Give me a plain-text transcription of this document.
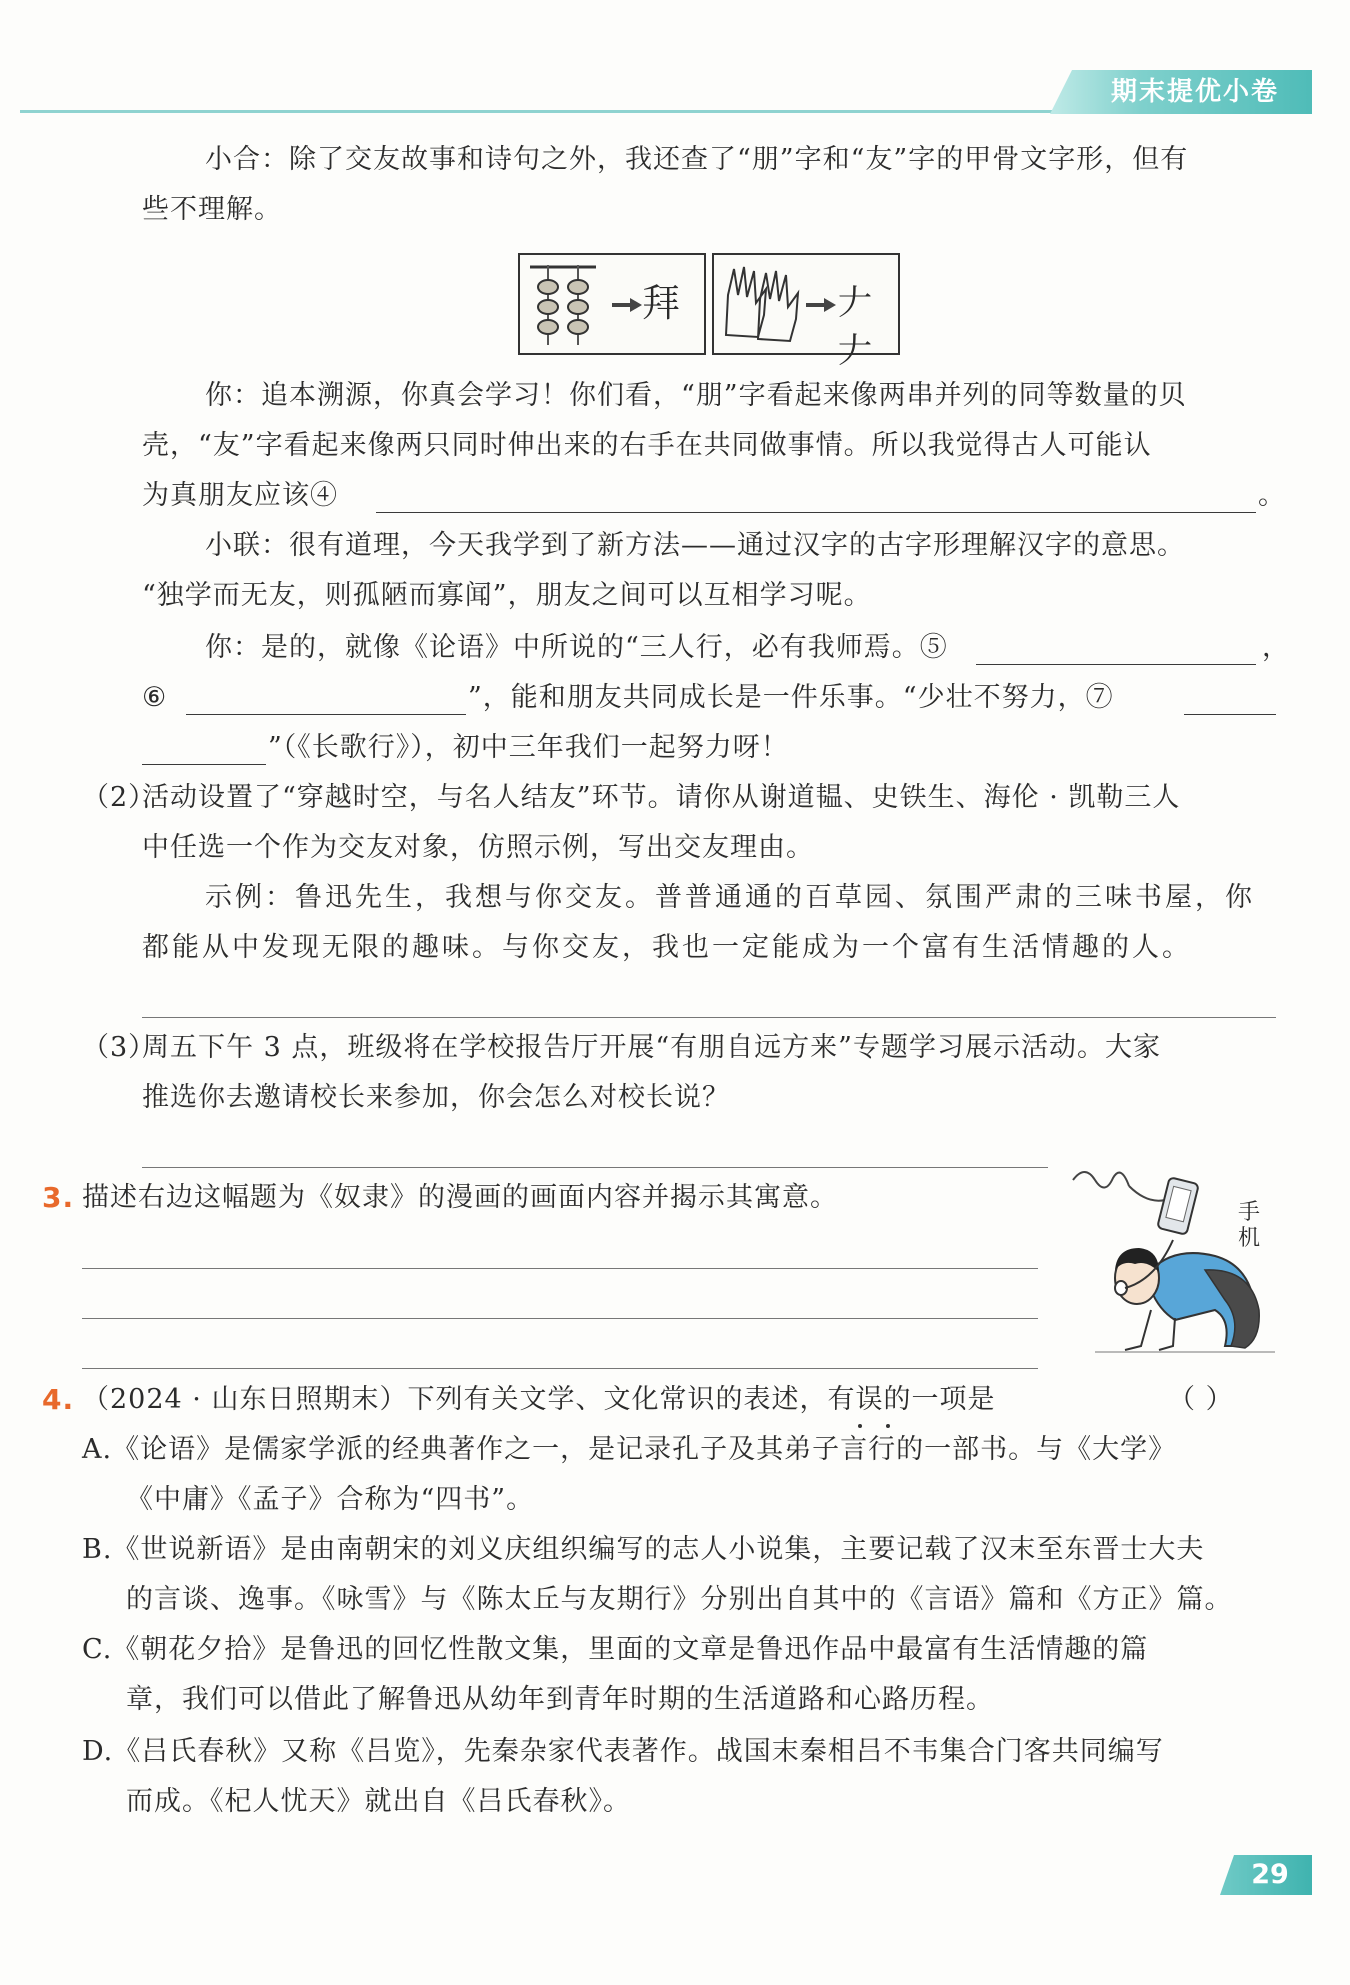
期末提优小卷
小合：除了交友故事和诗句之外，我还查了“朋”字和“友”字的甲骨文字形，但有
些不理解。
拜	𠂇𠂇
你：追本溯源，你真会学习！你们看，“朋”字看起来像两串并列的同等数量的贝
壳，“友”字看起来像两只同时伸出来的右手在共同做事情。所以我觉得古人可能认
为真朋友应该④	。
小联：很有道理，今天我学到了新方法——通过汉字的古字形理解汉字的意思。
“独学而无友，则孤陋而寡闻”，朋友之间可以互相学习呢。
你：是的，就像《论语》中所说的“三人行，必有我师焉。⑤	，
⑥	”，能和朋友共同成长是一件乐事。“少壮不努力，⑦
”（《长歌行》），初中三年我们一起努力呀！
（2）
活动设置了“穿越时空，与名人结友”环节。请你从谢道韫、史铁生、海伦 · 凯勒三人
中任选一个作为交友对象，仿照示例，写出交友理由。
示例：鲁迅先生，我想与你交友。普普通通的百草园、氛围严肃的三味书屋，你
都能从中发现无限的趣味。与你交友，我也一定能成为一个富有生活情趣的人。
（3）
周五下午 3 点，班级将在学校报告厅开展“有朋自远方来”专题学习展示活动。大家
推选你去邀请校长来参加，你会怎么对校长说？
3. 描述右边这幅题为《奴隶》的漫画的画面内容并揭示其寓意。	手机
4. （2024 · 山东日照期末）下列有关文学、文化常识的表述，有误的一项是	（ ）
A.《论语》是儒家学派的经典著作之一，是记录孔子及其弟子言行的一部书。与《大学》
《中庸》《孟子》合称为“四书”。
B.《世说新语》是由南朝宋的刘义庆组织编写的志人小说集，主要记载了汉末至东晋士大夫
的言谈、逸事。《咏雪》与《陈太丘与友期行》分别出自其中的《言语》篇和《方正》篇。
C.《朝花夕拾》是鲁迅的回忆性散文集，里面的文章是鲁迅作品中最富有生活情趣的篇
章，我们可以借此了解鲁迅从幼年到青年时期的生活道路和心路历程。
D.《吕氏春秋》又称《吕览》，先秦杂家代表著作。战国末秦相吕不韦集合门客共同编写
而成。《杞人忧天》就出自《吕氏春秋》。
29
